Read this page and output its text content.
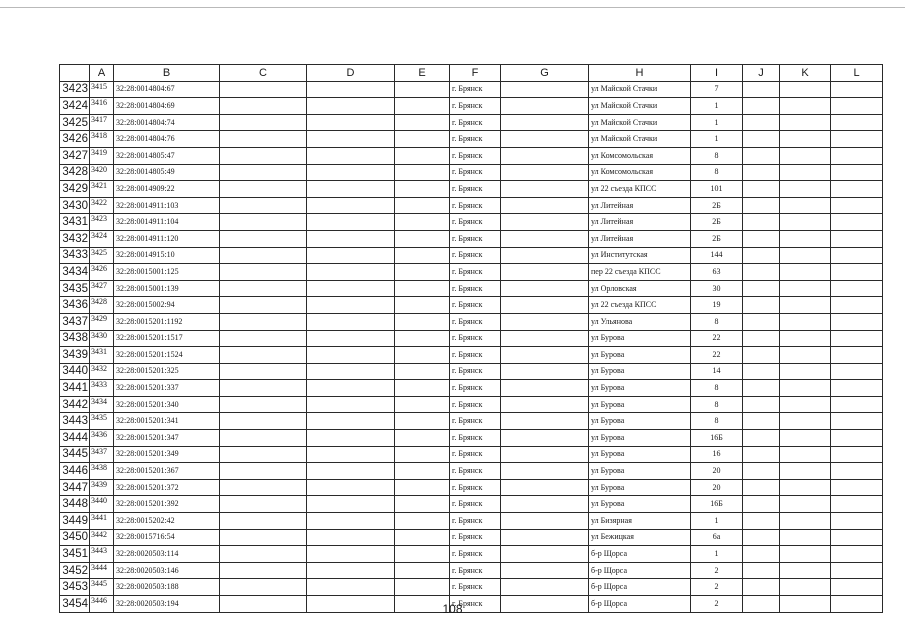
	A	B	C	D	E	F	G	H	I	J	K	L
3423	3415	32:28:0014804:67				г. Брянск		ул Майской Стачки	7			
3424	3416	32:28:0014804:69				г. Брянск		ул Майской Стачки	1			
3425	3417	32:28:0014804:74				г. Брянск		ул Майской Стачки	1			
3426	3418	32:28:0014804:76				г. Брянск		ул Майской Стачки	1			
3427	3419	32:28:0014805:47				г. Брянск		ул Комсомольская	8			
3428	3420	32:28:0014805:49				г. Брянск		ул Комсомольская	8			
3429	3421	32:28:0014909:22				г. Брянск		ул 22 съезда КПСС	101			
3430	3422	32:28:0014911:103				г. Брянск		ул Литейная	2Б			
3431	3423	32:28:0014911:104				г. Брянск		ул Литейная	2Б			
3432	3424	32:28:0014911:120				г. Брянск		ул Литейная	2Б			
3433	3425	32:28:0014915:10				г. Брянск		ул Институтская	144			
3434	3426	32:28:0015001:125				г. Брянск		пер 22 съезда КПСС	63			
3435	3427	32:28:0015001:139				г. Брянск		ул Орловская	30			
3436	3428	32:28:0015002:94				г. Брянск		ул 22 съезда КПСС	19			
3437	3429	32:28:0015201:1192				г. Брянск		ул Ульянова	8			
3438	3430	32:28:0015201:1517				г. Брянск		ул Бурова	22			
3439	3431	32:28:0015201:1524				г. Брянск		ул Бурова	22			
3440	3432	32:28:0015201:325				г. Брянск		ул Бурова	14			
3441	3433	32:28:0015201:337				г. Брянск		ул Бурова	8			
3442	3434	32:28:0015201:340				г. Брянск		ул Бурова	8			
3443	3435	32:28:0015201:341				г. Брянск		ул Бурова	8			
3444	3436	32:28:0015201:347				г. Брянск		ул Бурова	16Б			
3445	3437	32:28:0015201:349				г. Брянск		ул Бурова	16			
3446	3438	32:28:0015201:367				г. Брянск		ул Бурова	20			
3447	3439	32:28:0015201:372				г. Брянск		ул Бурова	20			
3448	3440	32:28:0015201:392				г. Брянск		ул Бурова	16Б			
3449	3441	32:28:0015202:42				г. Брянск		ул Бизярная	1			
3450	3442	32:28:0015716:54				г. Брянск		ул Бежицкая	6а			
3451	3443	32:28:0020503:114				г. Брянск		б-р Щорса	1			
3452	3444	32:28:0020503:146				г. Брянск		б-р Щорса	2			
3453	3445	32:28:0020503:188				г. Брянск		б-р Щорса	2			
3454	3446	32:28:0020503:194				г. Брянск		б-р Щорса	2			
108
